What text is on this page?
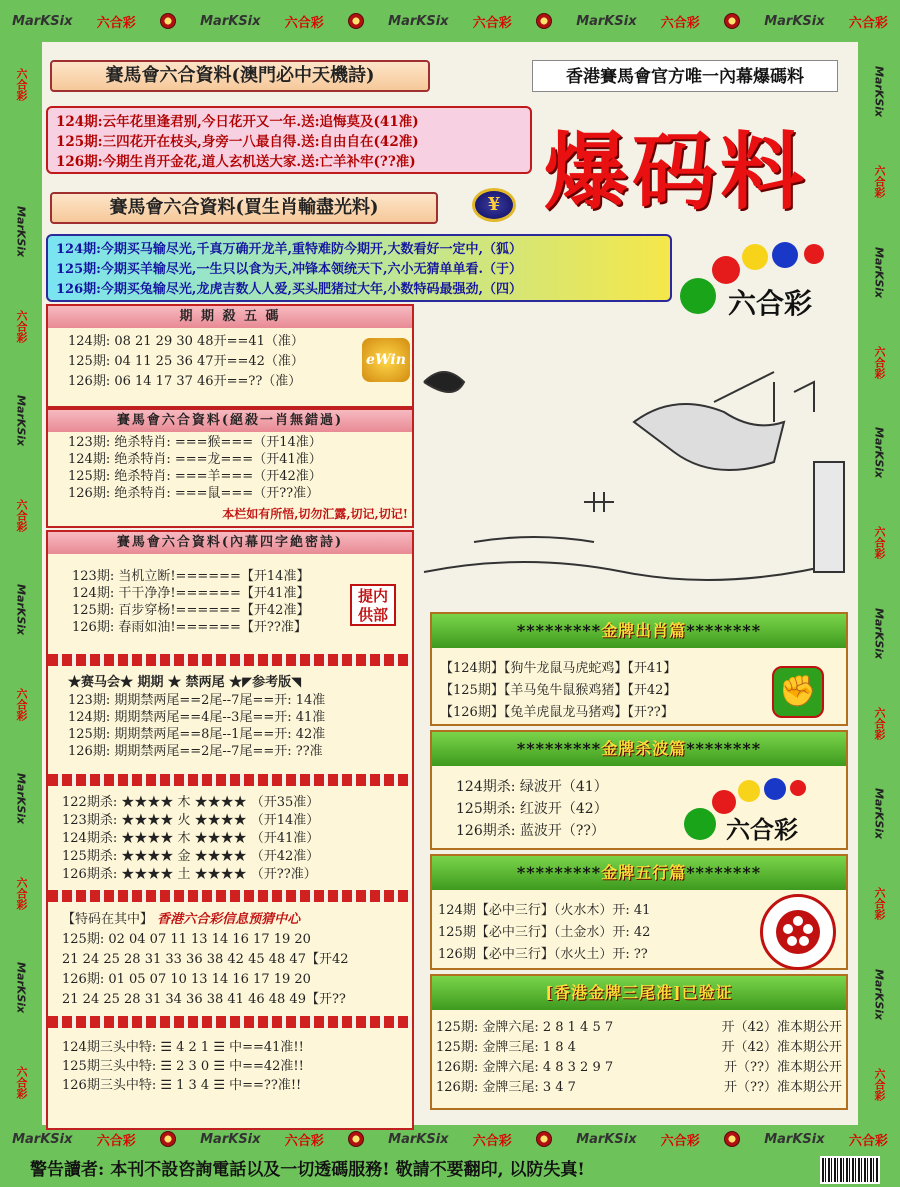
MarKSix 六合彩	MarKSix 六合彩	MarKSix 六合彩	MarKSix 六合彩	MarKSix 六合彩
六合彩
MarKSix
六合彩
MarKSix
六合彩
MarKSix
六合彩
MarKSix
六合彩
MarKSix
六合彩
MarKSix
六合彩
MarKSix
六合彩
MarKSix
六合彩
MarKSix
六合彩
MarKSix
六合彩
MarKSix
六合彩
賽馬會六合資料(澳門必中天機詩)	香港賽馬會官方唯一內幕爆碼料
124期:云年花里逢君别,今日花开又一年.送:追悔莫及(41准)
125期:三四花开在枝头,身旁一八最自得.送:自由自在(42准)
126期:今期生肖开金花,道人玄机送大家.送:亡羊补牢(??准)	爆码料
賽馬會六合資料(買生肖輸盡光料)	¥
124期:今期买马输尽光,千真万确开龙羊,重特难防今期开,大数看好一定中,（狐）
125期:今期买羊输尽光,一生只以食为天,冲锋本领统天下,六小无猜单单看.（于）
126期:今期买兔输尽光,龙虎吉数人人爱,买头肥猪过大年,小数特码最强劲,（四）	六合彩
期 期 殺 五 碼
124期: 08 21 29 30 48开==41（准）
125期: 04 11 25 36 47开==42（准）
126期: 06 14 17 37 46开==??（准）
eWin
賽馬會六合資料(絕殺一肖無錯過)
123期: 绝杀特肖: ===猴===（开14准）
124期: 绝杀特肖: ===龙===（开41准）
125期: 绝杀特肖: ===羊===（开42准）
126期: 绝杀特肖: ===鼠===（开??准）
本栏如有所悟,切勿汇露,切记,切记!
賽馬會六合資料(內幕四字絶密詩)
123期: 当机立断!======【开14准】
124期: 干干净净!======【开41准】
125期: 百步穿杨!======【开42准】
126期: 春雨如油!======【开??准】
提内供部
★赛马会★ 期期 ★ 禁两尾 ★◤参考版◥
123期: 期期禁两尾==2尾--7尾==开: 14准
124期: 期期禁两尾==4尾--3尾==开: 41准
125期: 期期禁两尾==8尾--1尾==开: 42准
126期: 期期禁两尾==2尾--7尾==开: ??准
122期杀: ★★★★ 木 ★★★★ （开35准）
123期杀: ★★★★ 火 ★★★★ （开14准）
124期杀: ★★★★ 木 ★★★★ （开41准）
125期杀: ★★★★ 金 ★★★★ （开42准）
126期杀: ★★★★ 土 ★★★★ （开??准）
【特码在其中】 香港六合彩信息预猜中心
125期: 02 04 07 11 13 14 16 17 19 20
21 24 25 28 31 33 36 38 42 45 48 47【开42
126期: 01 05 07 10 13 14 16 17 19 20
21 24 25 28 31 34 36 38 41 46 48 49【开??
124期三头中特: ☰ 4 2 1 ☰ 中==41准!!
125期三头中特: ☰ 2 3 0 ☰ 中==42准!!
126期三头中特: ☰ 1 3 4 ☰ 中==??准!!
*********金牌出肖篇********
【124期】【狗牛龙鼠马虎蛇鸡】【开41】
【125期】【羊马兔牛鼠猴鸡猪】【开42】
【126期】【兔羊虎鼠龙马猪鸡】【开??】
✊
*********金牌杀波篇********
124期杀: 绿波开（41）
125期杀: 红波开（42）
126期杀: 蓝波开（??）	六合彩
*********金牌五行篇********
124期【必中三行】（火水木）开: 41
125期【必中三行】（土金水）开: 42
126期【必中三行】（水火土）开: ??
[香港金牌三尾准]已验证
125期: 金牌六尾: 2 8 1 4 5 7	开（42）准本期公开
125期: 金牌三尾: 1 8 4	开（42）准本期公开
126期: 金牌六尾: 4 8 3 2 9 7	开（??）准本期公开
126期: 金牌三尾: 3 4 7	开（??）准本期公开
MarKSix 六合彩	MarKSix 六合彩	MarKSix 六合彩	MarKSix 六合彩	MarKSix 六合彩
警告讀者: 本刊不設咨詢電話以及一切透碼服務! 敬請不要翻印, 以防失真!
